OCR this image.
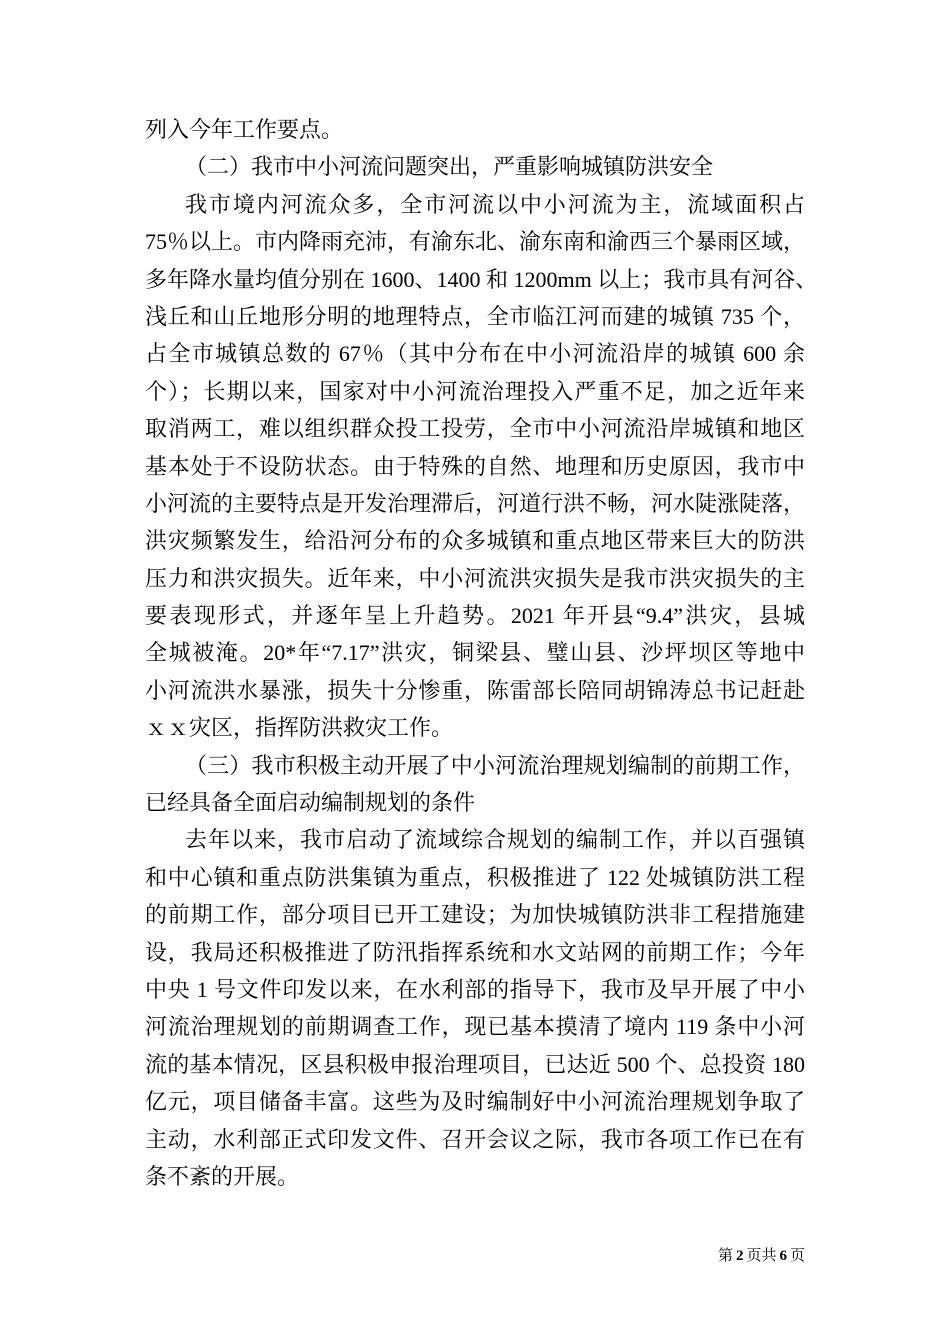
列入今年工作要点。
（二）我市中小河流问题突出，严重影响城镇防洪安全
我市境内河流众多，全市河流以中小河流为主，流域面积占
75％以上。市内降雨充沛，有渝东北、渝东南和渝西三个暴雨区域，
多年降水量均值分别在 1600、1400 和 1200mm 以上；我市具有河谷、
浅丘和山丘地形分明的地理特点，全市临江河而建的城镇 735 个，
占全市城镇总数的 67％（其中分布在中小河流沿岸的城镇 600 余
个）；长期以来，国家对中小河流治理投入严重不足，加之近年来
取消两工，难以组织群众投工投劳，全市中小河流沿岸城镇和地区
基本处于不设防状态。由于特殊的自然、地理和历史原因，我市中
小河流的主要特点是开发治理滞后，河道行洪不畅，河水陡涨陡落，
洪灾频繁发生，给沿河分布的众多城镇和重点地区带来巨大的防洪
压力和洪灾损失。近年来，中小河流洪灾损失是我市洪灾损失的主
要表现形式，并逐年呈上升趋势。2021 年开县“9.4”洪灾，县城
全城被淹。20*年“7.17”洪灾，铜梁县、璧山县、沙坪坝区等地中
小河流洪水暴涨，损失十分惨重，陈雷部长陪同胡锦涛总书记赶赴
ｘｘ灾区，指挥防洪救灾工作。
（三）我市积极主动开展了中小河流治理规划编制的前期工作，
已经具备全面启动编制规划的条件
去年以来，我市启动了流域综合规划的编制工作，并以百强镇
和中心镇和重点防洪集镇为重点，积极推进了 122 处城镇防洪工程
的前期工作，部分项目已开工建设；为加快城镇防洪非工程措施建
设，我局还积极推进了防汛指挥系统和水文站网的前期工作；今年
中央 1 号文件印发以来，在水利部的指导下，我市及早开展了中小
河流治理规划的前期调查工作，现已基本摸清了境内 119 条中小河
流的基本情况，区县积极申报治理项目，已达近 500 个、总投资 180
亿元，项目储备丰富。这些为及时编制好中小河流治理规划争取了
主动，水利部正式印发文件、召开会议之际，我市各项工作已在有
条不紊的开展。
第 2 页共 6 页
